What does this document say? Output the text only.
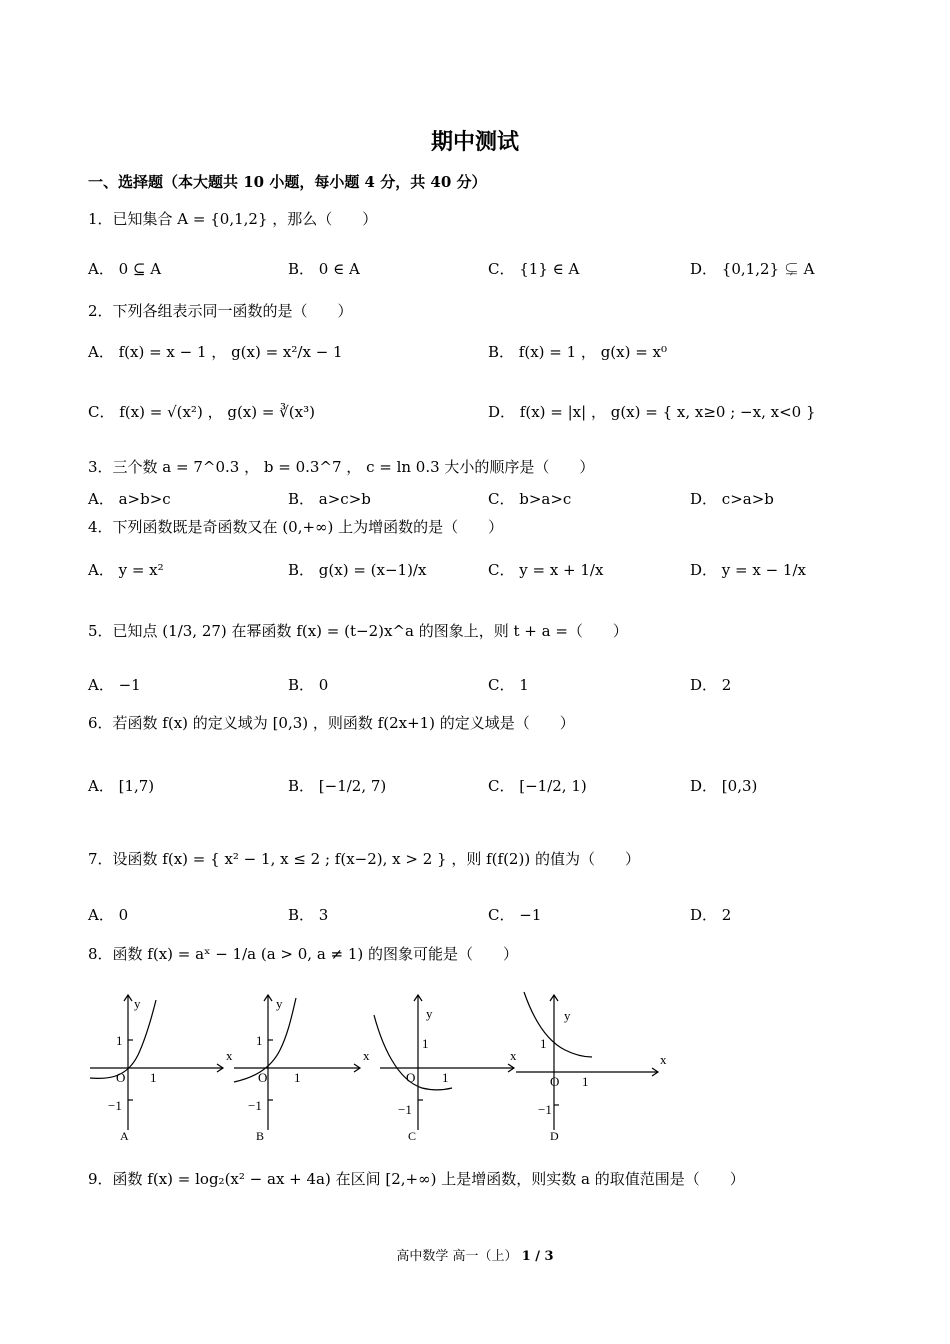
期中测试
一、选择题（本大题共 10 小题，每小题 4 分，共 40 分）
1．已知集合 A = {0,1,2} ，那么（　　）
A． 0 ⊆ A	B． 0 ∈ A	C． {1} ∈ A	D． {0,1,2} ⊊ A
2．下列各组表示同一函数的是（　　）
A． f(x) = x − 1 ， g(x) = x²/x − 1	B． f(x) = 1 ， g(x) = x⁰
C． f(x) = √(x²) ， g(x) = ∛(x³)	D． f(x) = |x| ， g(x) = { x, x≥0 ; −x, x<0 }
3．三个数 a = 7^0.3 ， b = 0.3^7 ， c = ln 0.3 大小的顺序是（　　）
A． a>b>c	B． a>c>b	C． b>a>c	D． c>a>b
4．下列函数既是奇函数又在 (0,+∞) 上为增函数的是（　　）
A． y = x²	B． g(x) = (x−1)/x	C． y = x + 1/x	D． y = x − 1/x
5．已知点 (1/3, 27) 在幂函数 f(x) = (t−2)x^a 的图象上，则 t + a =（　　）
A． −1	B． 0	C． 1	D． 2
6．若函数 f(x) 的定义域为 [0,3) ，则函数 f(2x+1) 的定义域是（　　）
A． [1,7)	B． [−1/2, 7)	C． [−1/2, 1)	D． [0,3)
7．设函数 f(x) = { x² − 1, x ≤ 2 ; f(x−2), x > 2 } ，则 f(f(2)) 的值为（　　）
A． 0	B． 3	C． −1	D． 2
8．函数 f(x) = aˣ − 1/a (a > 0, a ≠ 1) 的图象可能是（　　）
y
x
1
O 1
−1
A
y
x
1
O 1
−1
B
y
x
1
O 1
−1
C
y
x
1
O 1
−1
D
9．函数 f(x) = log₂(x² − ax + 4a) 在区间 [2,+∞) 上是增函数，则实数 a 的取值范围是（　　）
高中数学 高一（上） 1 / 3
